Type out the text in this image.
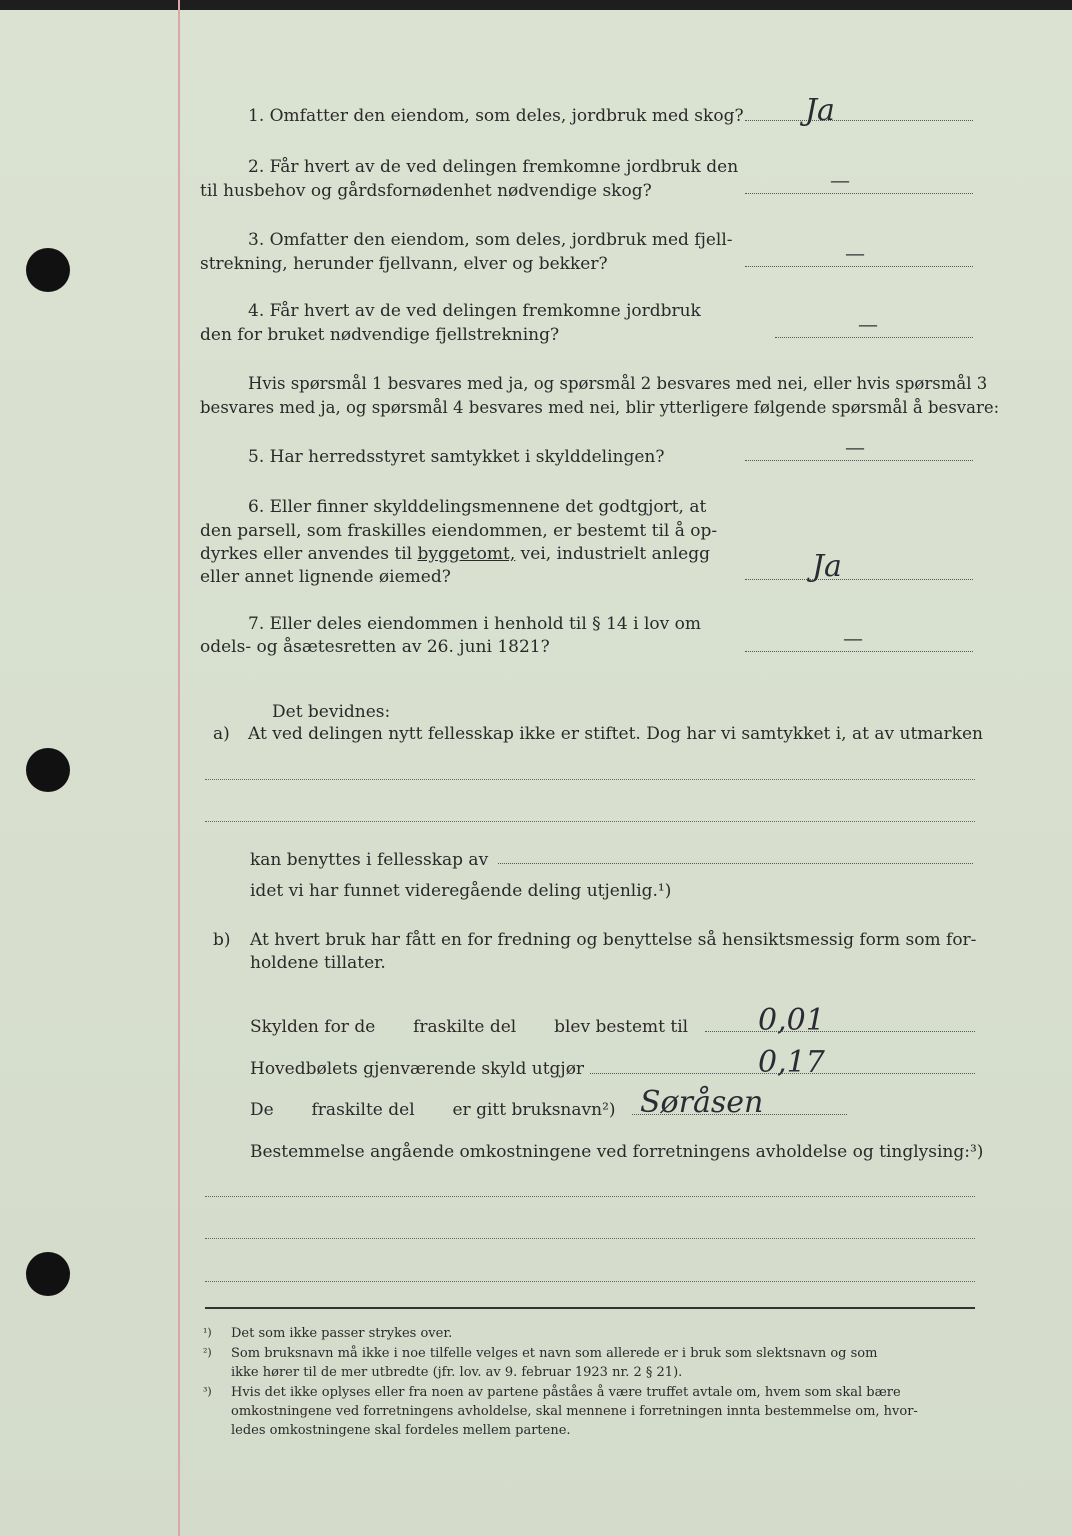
1. Omfatter den eiendom, som deles, jordbruk med skog? Ja
2. Får hvert av de ved delingen fremkomne jordbruk den
til husbehov og gårdsfornødenhet nødvendige skog?	—
3. Omfatter den eiendom, som deles, jordbruk med fjell-
strekning, herunder fjellvann, elver og bekker?	—
4. Får hvert av de ved delingen fremkomne jordbruk
den for bruket nødvendige fjellstrekning?	—
Hvis spørsmål 1 besvares med ja, og spørsmål 2 besvares med nei, eller hvis spørsmål 3
besvares med ja, og spørsmål 4 besvares med nei, blir ytterligere følgende spørsmål å besvare:
5. Har herredsstyret samtykket i skylddelingen?	—
6. Eller finner skylddelingsmennene det godtgjort, at
den parsell, som fraskilles eiendommen, er bestemt til å op-
dyrkes eller anvendes til byggetomt, vei, industrielt anlegg
eller annet lignende øiemed?	Ja
7. Eller deles eiendommen i henhold til § 14 i lov om
odels- og åsætesretten av 26. juni 1821?	—
Det bevidnes:
a) At ved delingen nytt fellesskap ikke er stiftet. Dog har vi samtykket i, at av utmarken
kan benyttes i fellesskap av
idet vi har funnet videregående deling utjenlig.¹)
b) At hvert bruk har fått en for fredning og benyttelse så hensiktsmessig form som for-
holdene tillater.
Skylden for de       fraskilte del       blev bestemt til 0,01
Hovedbølets gjenværende skyld utgjør	0,17
De       fraskilte del       er gitt bruksnavn²) Søråsen
Bestemmelse angående omkostningene ved forretningens avholdelse og tinglysing:³)
¹) Det som ikke passer strykes over.
²) Som bruksnavn må ikke i noe tilfelle velges et navn som allerede er i bruk som slektsnavn og som
ikke hører til de mer utbredte (jfr. lov. av 9. februar 1923 nr. 2 § 21).
³) Hvis det ikke oplyses eller fra noen av partene påståes å være truffet avtale om, hvem som skal bære
omkostningene ved forretningens avholdelse, skal mennene i forretningen innta bestemmelse om, hvor-
ledes omkostningene skal fordeles mellem partene.
